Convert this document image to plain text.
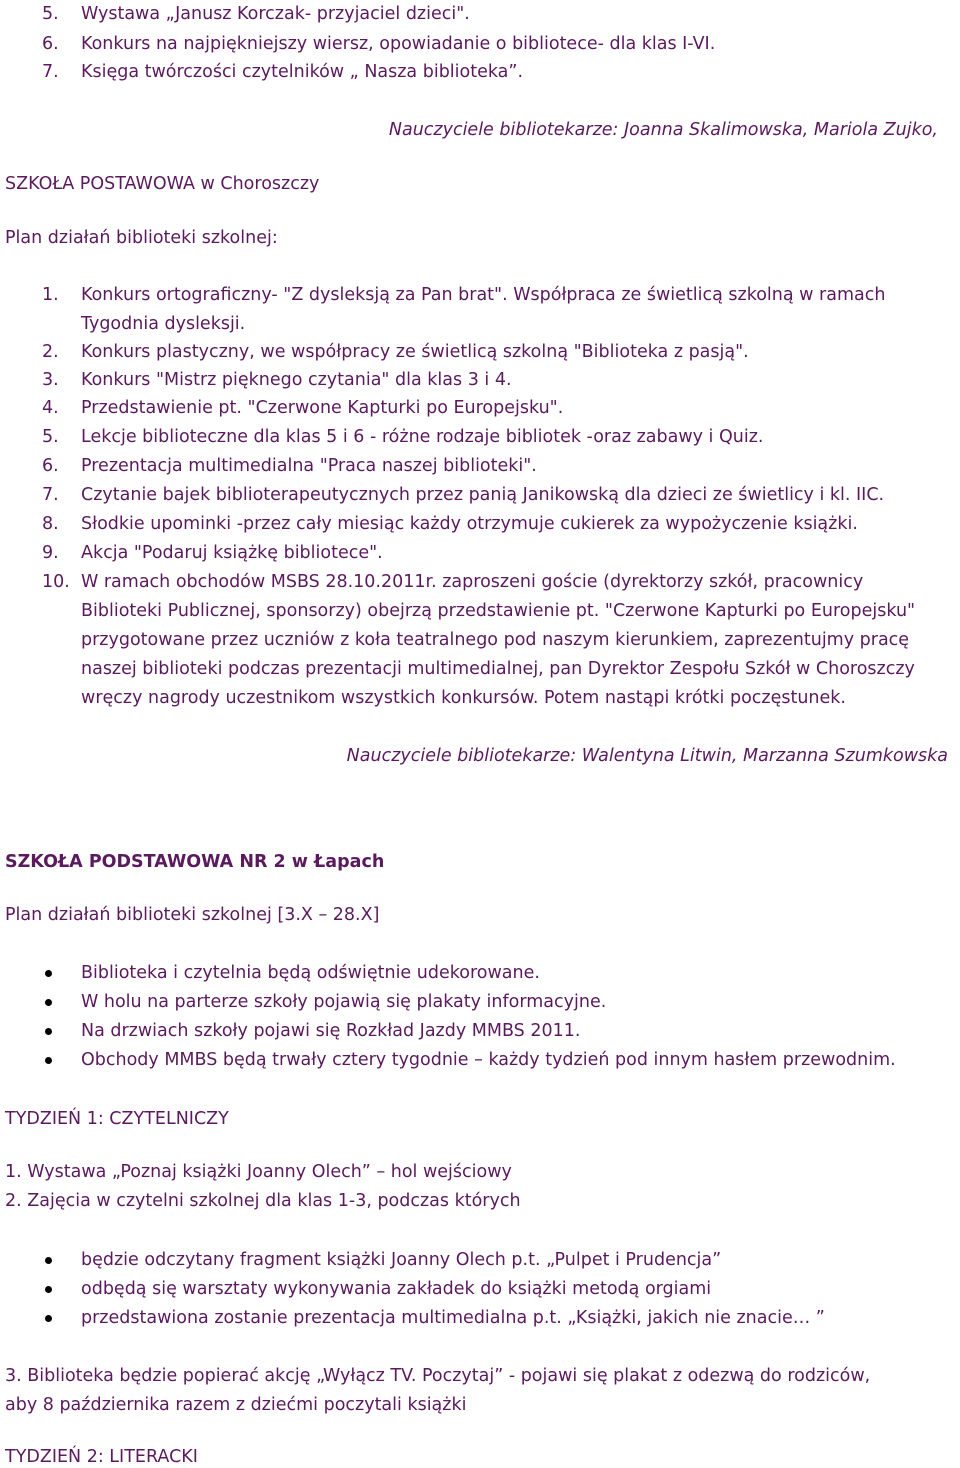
5. Wystawa „Janusz Korczak- przyjaciel dzieci".
6. Konkurs na najpiękniejszy wiersz, opowiadanie o bibliotece- dla klas I-VI.
7. Księga twórczości czytelników „ Nasza biblioteka”.
Nauczyciele bibliotekarze: Joanna Skalimowska, Mariola Zujko,
SZKOŁA POSTAWOWA w Choroszczy
Plan działań biblioteki szkolnej:
1. Konkurs ortograficzny- "Z dysleksją za Pan brat". Współpraca ze świetlicą szkolną w ramach
Tygodnia dysleksji.
2. Konkurs plastyczny, we współpracy ze świetlicą szkolną "Biblioteka z pasją".
3. Konkurs "Mistrz pięknego czytania" dla klas 3 i 4.
4. Przedstawienie pt. "Czerwone Kapturki po Europejsku".
5. Lekcje biblioteczne dla klas 5 i 6 - różne rodzaje bibliotek -oraz zabawy i Quiz.
6. Prezentacja multimedialna "Praca naszej biblioteki".
7. Czytanie bajek biblioterapeutycznych przez panią Janikowską dla dzieci ze świetlicy i kl. IIC.
8. Słodkie upominki -przez cały miesiąc każdy otrzymuje cukierek za wypożyczenie książki.
9. Akcja "Podaruj książkę bibliotece".
10. W ramach obchodów MSBS 28.10.2011r. zaproszeni goście (dyrektorzy szkół, pracownicy
Biblioteki Publicznej, sponsorzy) obejrzą przedstawienie pt. "Czerwone Kapturki po Europejsku"
przygotowane przez uczniów z koła teatralnego pod naszym kierunkiem, zaprezentujmy pracę
naszej biblioteki podczas prezentacji multimedialnej, pan Dyrektor Zespołu Szkół w Choroszczy
wręczy nagrody uczestnikom wszystkich konkursów. Potem nastąpi krótki poczęstunek.
Nauczyciele bibliotekarze: Walentyna Litwin, Marzanna Szumkowska
SZKOŁA PODSTAWOWA NR 2 w Łapach
Plan działań biblioteki szkolnej [3.X – 28.X]
Biblioteka i czytelnia będą odświętnie udekorowane.
W holu na parterze szkoły pojawią się plakaty informacyjne.
Na drzwiach szkoły pojawi się Rozkład Jazdy MMBS 2011.
Obchody MMBS będą trwały cztery tygodnie – każdy tydzień pod innym hasłem przewodnim.
TYDZIEŃ 1: CZYTELNICZY
1. Wystawa „Poznaj książki Joanny Olech” – hol wejściowy
2. Zajęcia w czytelni szkolnej dla klas 1-3, podczas których
będzie odczytany fragment książki Joanny Olech p.t. „Pulpet i Prudencja”
odbędą się warsztaty wykonywania zakładek do książki metodą orgiami
przedstawiona zostanie prezentacja multimedialna p.t. „Książki, jakich nie znacie… ”
3. Biblioteka będzie popierać akcję „Wyłącz TV. Poczytaj” - pojawi się plakat z odezwą do rodziców,
aby 8 października razem z dziećmi poczytali książki
TYDZIEŃ 2: LITERACKI
